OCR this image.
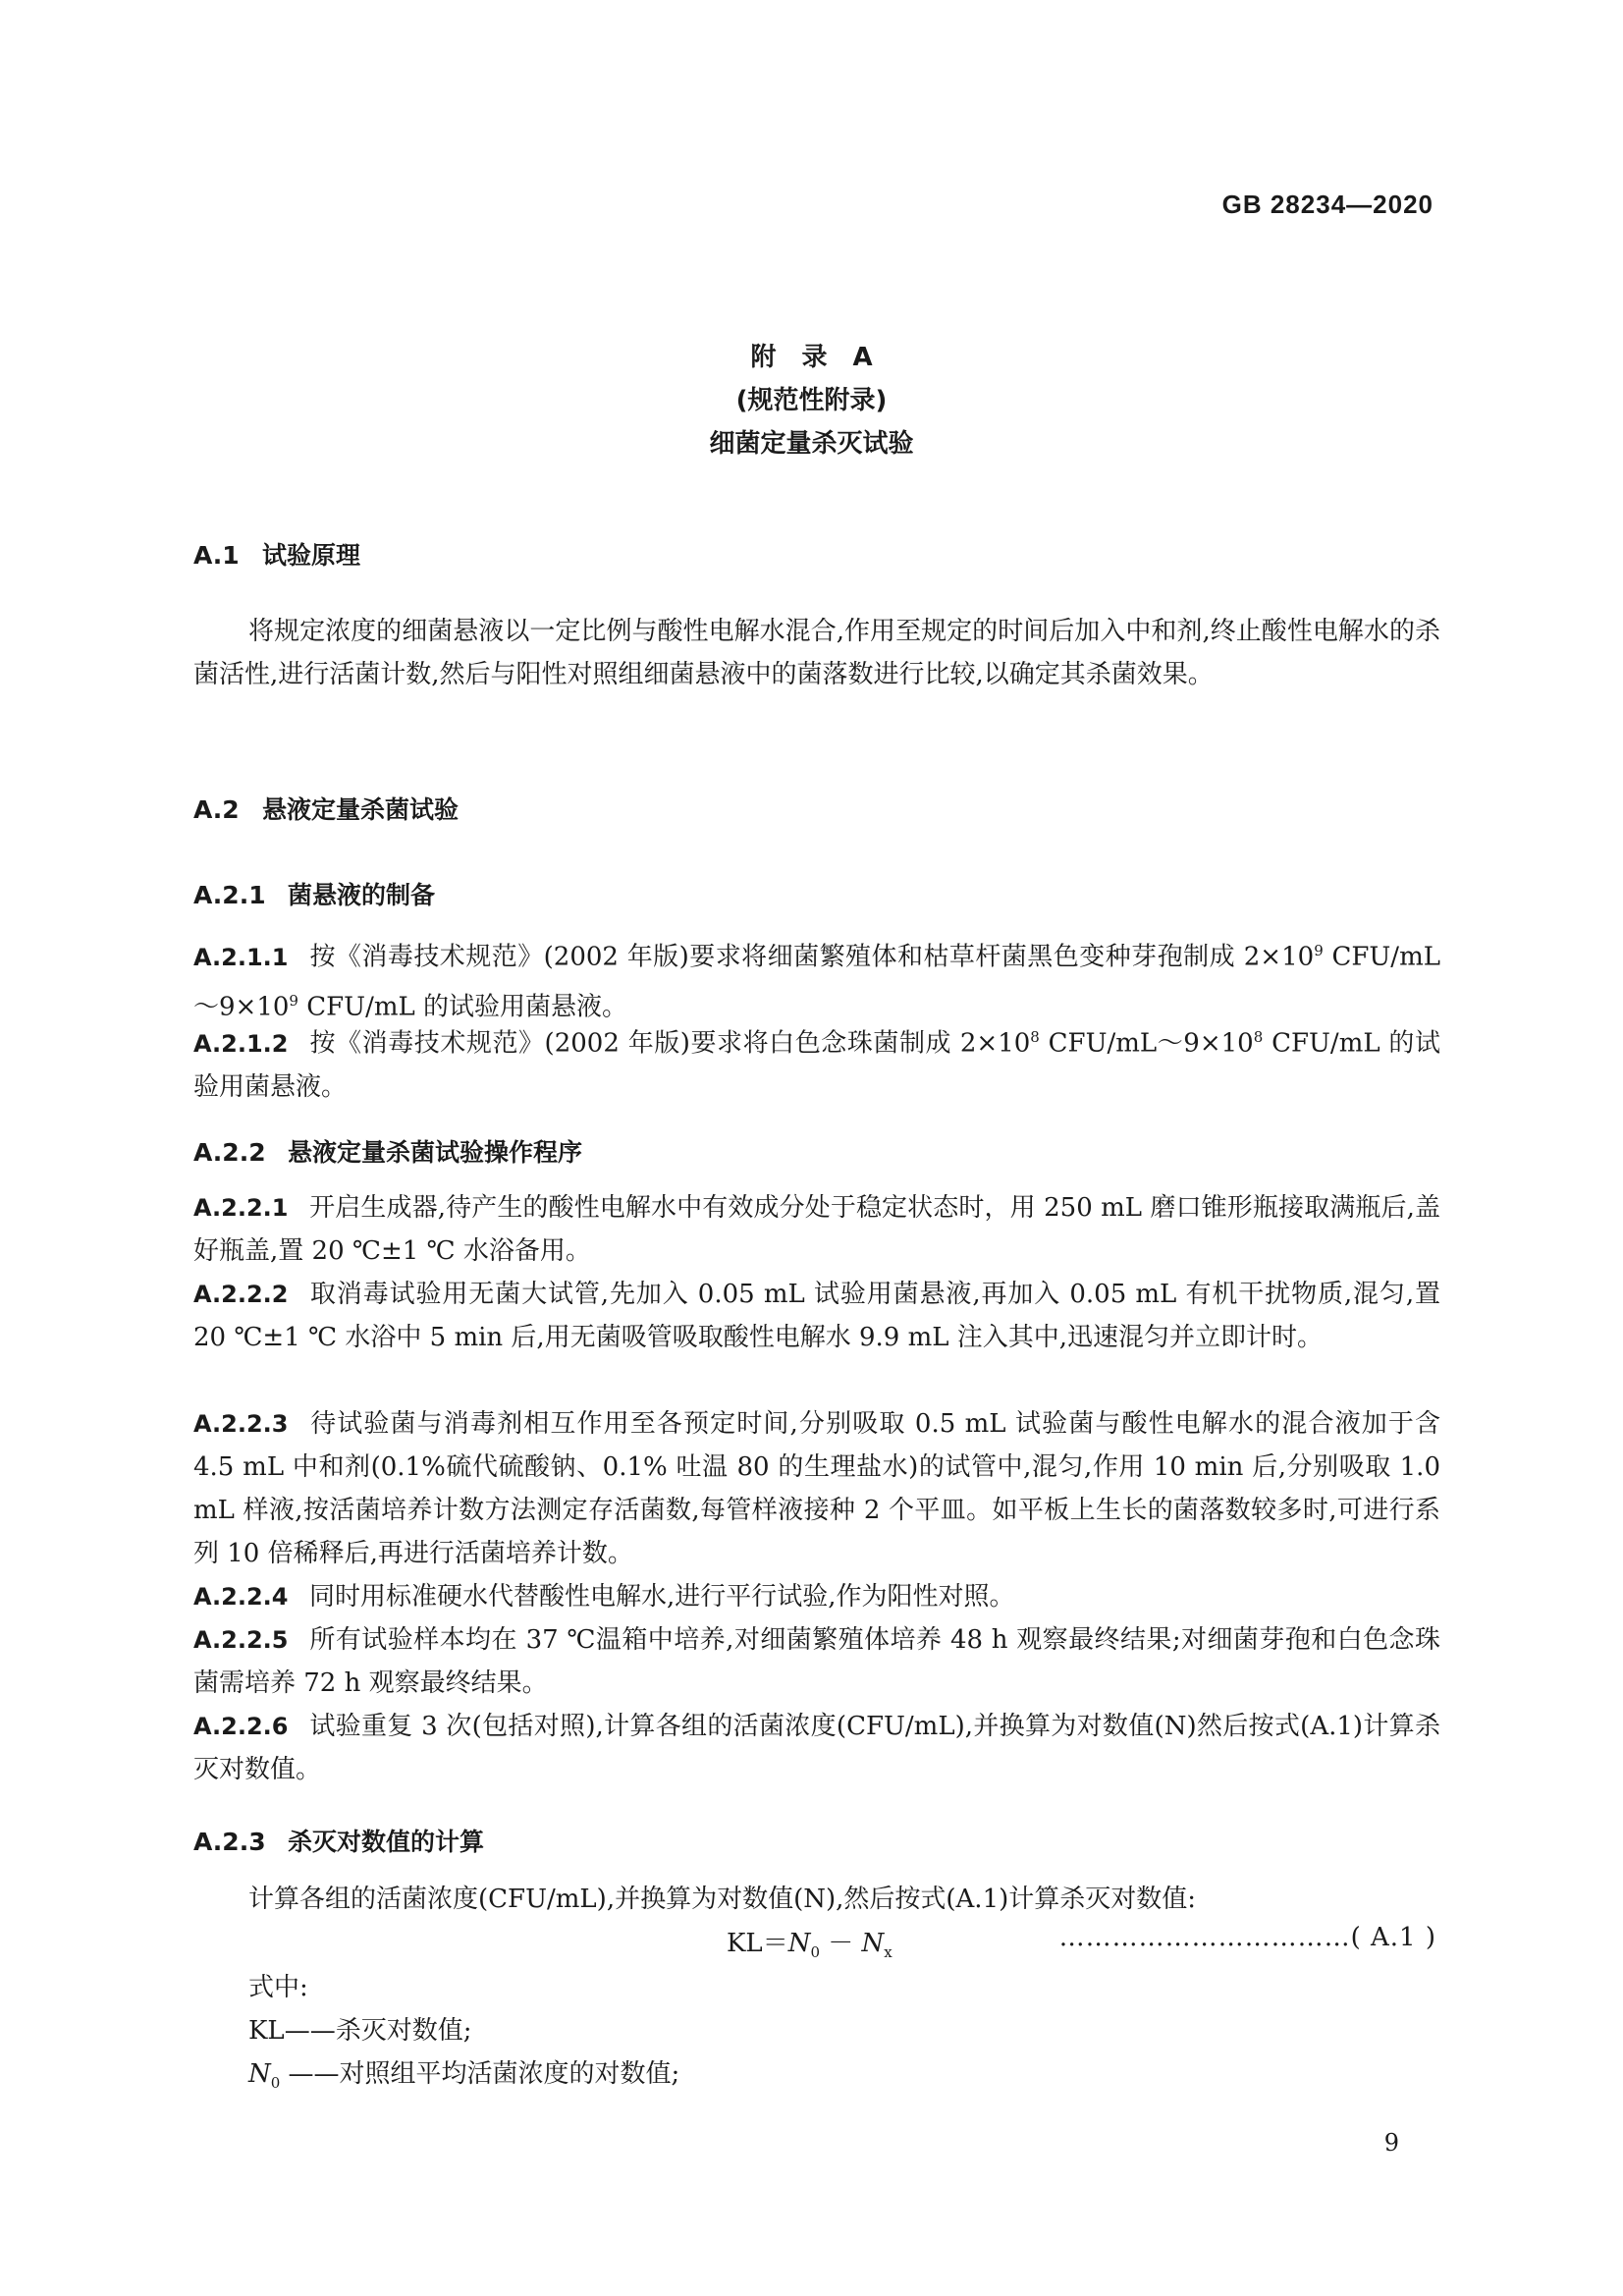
GB 28234—2020
附　录　A
(规范性附录)
细菌定量杀灭试验
A.1 试验原理
将规定浓度的细菌悬液以一定比例与酸性电解水混合,作用至规定的时间后加入中和剂,终止酸性电解水的杀菌活性,进行活菌计数,然后与阳性对照组细菌悬液中的菌落数进行比较,以确定其杀菌效果。
A.2 悬液定量杀菌试验
A.2.1 菌悬液的制备
A.2.1.1 按《消毒技术规范》(2002 年版)要求将细菌繁殖体和枯草杆菌黑色变种芽孢制成 $2\times 10^9$ CFU/$mL\sim 9\times 10^9$ CFU/mL 的试验用菌悬液。
A.2.1.2 按《消毒技术规范》(2002 年版)要求将白色念珠菌制成 $2\times 10^8$ CFU/$mL\sim 9\times 10^8$ CFU/mL 的试验用菌悬液。
A.2.2 悬液定量杀菌试验操作程序
A.2.2.1 开启生成器,待产生的酸性电解水中有效成分处于稳定状态时，用 250 mL 磨口锥形瓶接取满瓶后,盖好瓶盖,置 20 ℃±1 ℃ 水浴备用。
A.2.2.2 取消毒试验用无菌大试管,先加入 0.05 mL 试验用菌悬液,再加入 0.05 mL 有机干扰物质,混匀,置 20 ℃±1 ℃ 水浴中 5 min 后,用无菌吸管吸取酸性电解水 9.9 mL 注入其中,迅速混匀并立即计时。
A.2.2.3 待试验菌与消毒剂相互作用至各预定时间,分别吸取 0.5 mL 试验菌与酸性电解水的混合液加于含 4.5 mL 中和剂(0.1%硫代硫酸钠、0.1% 吐温 80 的生理盐水)的试管中,混匀,作用 10 min 后,分别吸取 1.0 mL 样液,按活菌培养计数方法测定存活菌数,每管样液接种 2 个平皿。如平板上生长的菌落数较多时,可进行系列 10 倍稀释后,再进行活菌培养计数。
A.2.2.4 同时用标准硬水代替酸性电解水,进行平行试验,作为阳性对照。
A.2.2.5 所有试验样本均在 37 ℃温箱中培养,对细菌繁殖体培养 48 h 观察最终结果;对细菌芽孢和白色念珠菌需培养 72 h 观察最终结果。
A.2.2.6 试验重复 3 次(包括对照),计算各组的活菌浓度(CFU/mL),并换算为对数值(N)然后按式(A.1)计算杀灭对数值。
A.2.3 杀灭对数值的计算
计算各组的活菌浓度(CFU/mL),并换算为对数值(N),然后按式(A.1)计算杀灭对数值:
$KL=N_0 - N_x$
……………………………( A.1 )
式中:
KL——杀灭对数值;
$N_0$ ——对照组平均活菌浓度的对数值;
9
